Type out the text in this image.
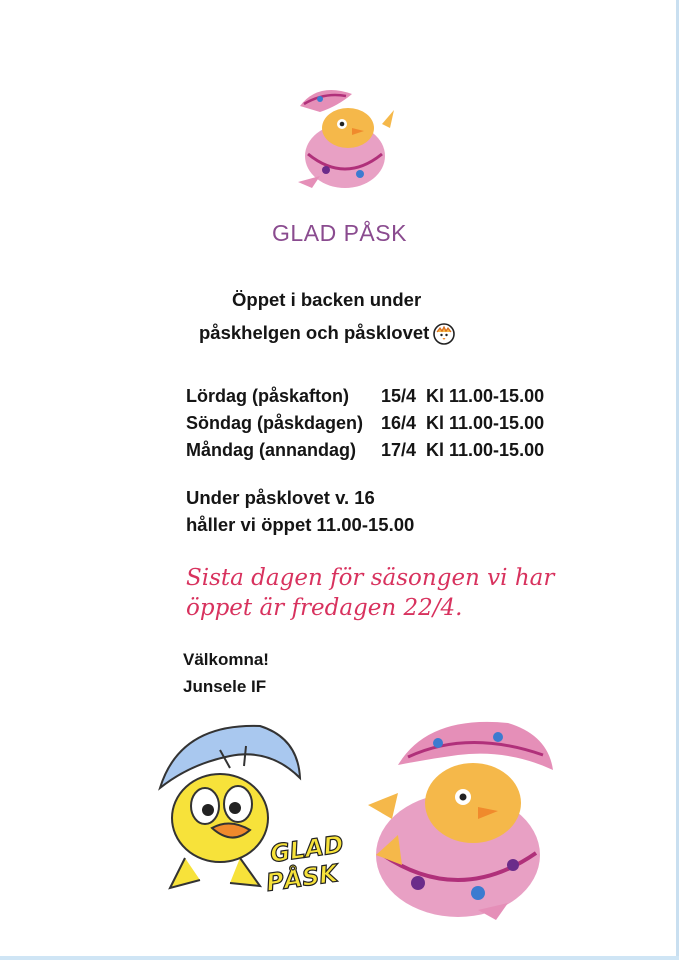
GLAD PÅSK
Öppet i backen under
påskhelgen och påsklovet
Lördag (påskafton)	15/4 Kl 11.00-15.00
Söndag (påskdagen) 16/4 Kl 11.00-15.00
Måndag (annandag)	17/4 Kl 11.00-15.00
Under påsklovet v. 16
håller vi öppet 11.00-15.00
Sista dagen för säsongen vi har
öppet är fredagen 22/4.
Välkomna!
Junsele IF
GLAD
PÅSK
